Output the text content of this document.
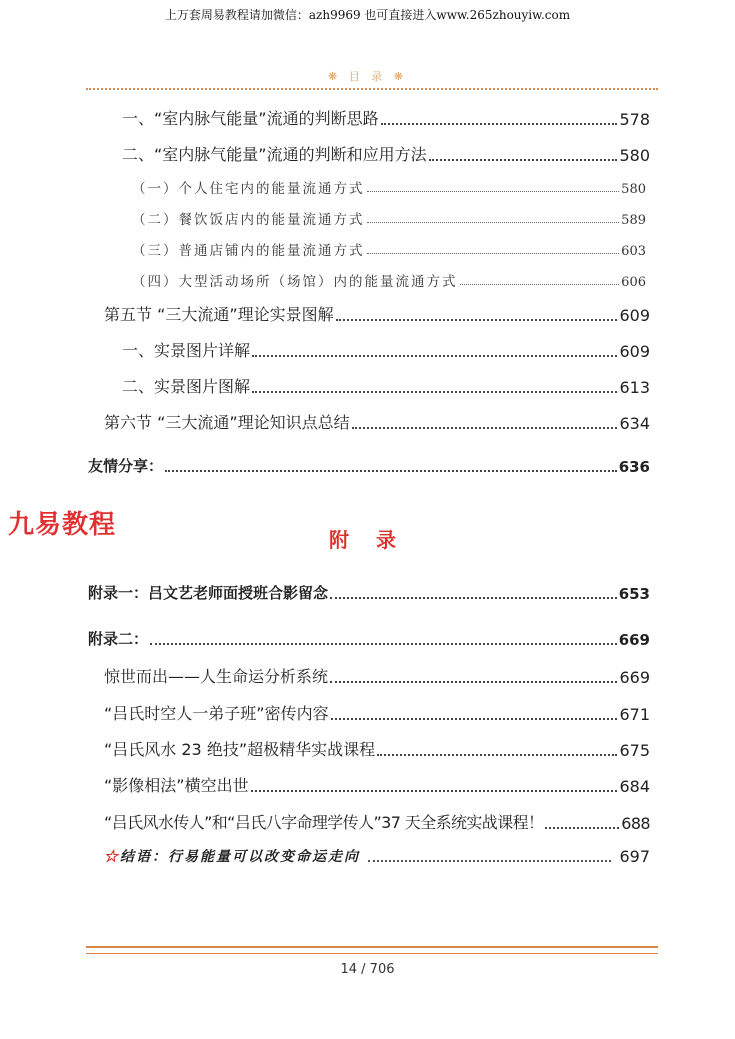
上万套周易教程请加微信：azh9969 也可直接进入www.265zhouyiw.com
❋ 目 录 ❋
一、“室内脉气能量”流通的判断思路	578
二、“室内脉气能量”流通的判断和应用方法	580
（一）个人住宅内的能量流通方式	580
（二）餐饮饭店内的能量流通方式	589
（三）普通店铺内的能量流通方式	603
（四）大型活动场所（场馆）内的能量流通方式	606
第五节 “三大流通”理论实景图解	609
一、实景图片详解	609
二、实景图片图解	613
第六节 “三大流通”理论知识点总结	634
友情分享：	636
九易教程	附 录
附录一：吕文艺老师面授班合影留念	653
附录二：	669
惊世而出——人生命运分析系统	669
“吕氏时空人一弟子班”密传内容	671
“吕氏风水 23 绝技”超极精华实战课程	675
“影像相法”横空出世	684
“吕氏风水传人”和“吕氏八字命理学传人”37 天全系统实战课程！	688
☆结语：行易能量可以改变命运走向	697
14 / 706
